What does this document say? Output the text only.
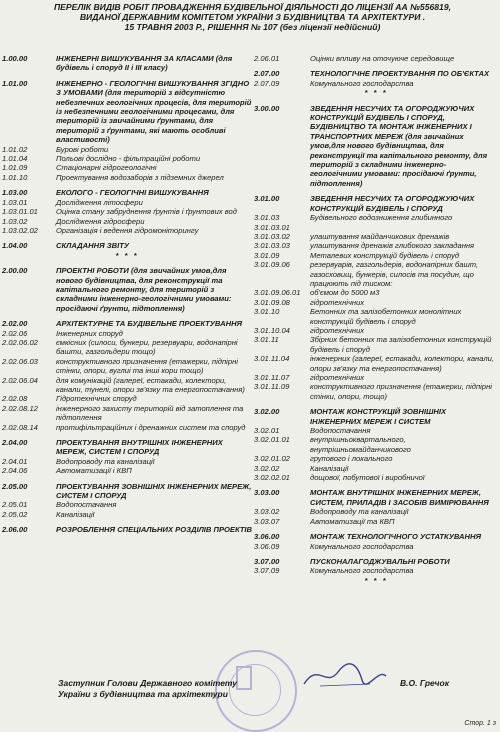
ПЕРЕЛІК ВИДІВ РОБІТ ПРОВАДЖЕННЯ БУДІВЕЛЬНОЇ ДІЯЛЬНОСТІ ДО ЛІЦЕНЗІЇ АА №556819,
ВИДАНОЇ ДЕРЖАВНИМ КОМІТЕТОМ УКРАЇНИ З БУДІВНИЦТВА ТА АРХІТЕКТУРИ .
15 ТРАВНЯ 2003 Р., РІШЕННЯ № 107 (без ліцензії недійсний)
1.00.00	ІНЖЕНЕРНІ ВИШУКУВАННЯ ЗА КЛАСАМИ (для будівель і споруд ІІ і ІІІ класу)
1.01.00	ІНЖЕНЕРНО - ГЕОЛОГІЧНІ ВИШУКУВАННЯ ЗГІДНО З УМОВАМИ (для територій з відсутністю небезпечних геологічних процесів, для територій із небезпечними геологічними процесами, для територій із звичайними ґрунтами, для територій з ґрунтами, які мають особливі властивості)
1.01.02	Бурові роботи
1.01.04	Польові дослідно - фільтраційні роботи
1.01.09	Стаціонарні гідрогеологічні
1.01.10	Проектування водозаборів з підземних джерел
1.03.00	ЕКОЛОГО - ГЕОЛОГІЧНІ ВИШУКУВАННЯ
1.03.01	Дослідження літосфери
1.03.01.01	Оцінка стану забруднення ґрунтів і ґрунтових вод
1.03.02	Дослідження гідросфери
1.03.02.02	Організація і ведення гідромоніторингу
1.04.00	СКЛАДАННЯ ЗВІТУ
* * *
2.00.00	ПРОЕКТНІ РОБОТИ (для звичайних умов,для нового будівництва, для реконструкції та капітального ремонту, для територій з складними інженерно-геологічними умовами: просідаючі ґрунти, підтоплення)
2.02.00	АРХІТЕКТУРНЕ ТА БУДІВЕЛЬНЕ ПРОЕКТУВАННЯ
2.02.06	Інженерних споруд
2.02.06.02	ємкісних (силоси, бункери, резервуари, водонапірні башти, газгольдери тощо)
2.02.06.03	конструктивного призначення (етажерки, підпірні стінки, опори, вуглиі та інші кори тощо)
2.02.06.04	для комунікацій (галереї, естакади, колектори, канали, тунелі, опори зв'язку та енергопостачання)
2.02.08	Гідротехнічних споруд
2.02.08.12	інженерного захисту територій від затоплення та підтоплення
2.02.08.14	протифільтраційних і дренажних систем та споруд
2.04.00	ПРОЕКТУВАННЯ ВНУТРІШНІХ ІНЖЕНЕРНИХ МЕРЕЖ, СИСТЕМ І СПОРУД
2.04.01	Водопроводу та каналізації
2.04.06	Автоматизації і КВП
2.05.00	ПРОЕКТУВАННЯ ЗОВНІШНІХ ІНЖЕНЕРНИХ МЕРЕЖ, СИСТЕМ І СПОРУД
2.05.01	Водопостачання
2.05.02	Каналізації
2.06.00	РОЗРОБЛЕННЯ СПЕЦІАЛЬНИХ РОЗДІЛІВ ПРОЕКТІВ
2.06.01	Оцінки впливу на оточуюче середовище
2.07.00	ТЕХНОЛОГІЧНЕ ПРОЕКТУВАННЯ ПО ОБ'ЄКТАХ
2.07.09	Комунального господарства
* * *
3.00.00	ЗВЕДЕННЯ НЕСУЧИХ ТА ОГОРОДЖУЮЧИХ КОНСТРУКЦІЙ БУДІВЕЛЬ І СПОРУД, БУДІВНИЦТВО ТА МОНТАЖ ІНЖЕНЕРНИХ І ТРАНСПОРТНИХ МЕРЕЖ (для звичайних умов,для нового будівництва, для реконструкції та капітального ремонту, для територій з складними інженерно-геологічними умовами: просідаючі ґрунти, підтоплення)
3.01.00	ЗВЕДЕННЯ НЕСУЧИХ ТА ОГОРОДЖУЮЧИХ КОНСТРУКЦІЙ БУДІВЕЛЬ І СПОРУД
3.01.03	Будівельного водозниження глибинного
3.01.03.01
3.01.03.02	улаштування майданчикових дренажів
3.01.03.03	улаштування дренажів глибокого закладання
3.01.09	Металевих конструкцій будівель і споруд
3.01.09.06	резервуарів, газгольдерів, водонапірних башт, газосховищ, бункерів, силосів та посудин, що працюють під тиском:
3.01.09.06.01	об'ємом до 5000 м3
3.01.09.08	гідротехнічних
3.01.10	Бетонних та залізобетонних монолітних конструкцій будівель і споруд
3.01.10.04	гідротехнічних
3.01.11	Збірних бетонних та залізобетонних конструкцій будівель і споруд
3.01.11.04	інженерних (галереї, естакади, колектори, канали, опори зв'язку та енергопостачання)
3.01.11.07	гідротехнічних
3.01.11.09	конструктивного призначення (етажерки, підпірні стінки, опори, тощо)
3.02.00	МОНТАЖ КОНСТРУКЦІЙ ЗОВНІШНІХ ІНЖЕНЕРНИХ МЕРЕЖ І СИСТЕМ
3.02.01	Водопостачання
3.02.01.01	внутрішньоквартального, внутрішньомайданчикового
3.02.01.02	групового і локального
3.02.02	Каналізації
3.02.02.01	дощової, побутової і виробничої
3.03.00	МОНТАЖ ВНУТРІШНІХ ІНЖЕНЕРНИХ МЕРЕЖ, СИСТЕМ, ПРИЛАДІВ І ЗАСОБІВ ВИМІРЮВАННЯ
3.03.02	Водопроводу та каналізації
3.03.07	Автоматизації та КВП
3.06.00	МОНТАЖ ТЕХНОЛОГІЧНОГО УСТАТКУВАННЯ
3.06.09	Комунального господарства
3.07.00	ПУСКОНАЛАГОДЖУВАЛЬНІ РОБОТИ
3.07.09	Комунального господарства
* * *
Заступник Голови Державного комітету
України з будівництва та архітектури
В.О. Гречок
Стор. 1 з
